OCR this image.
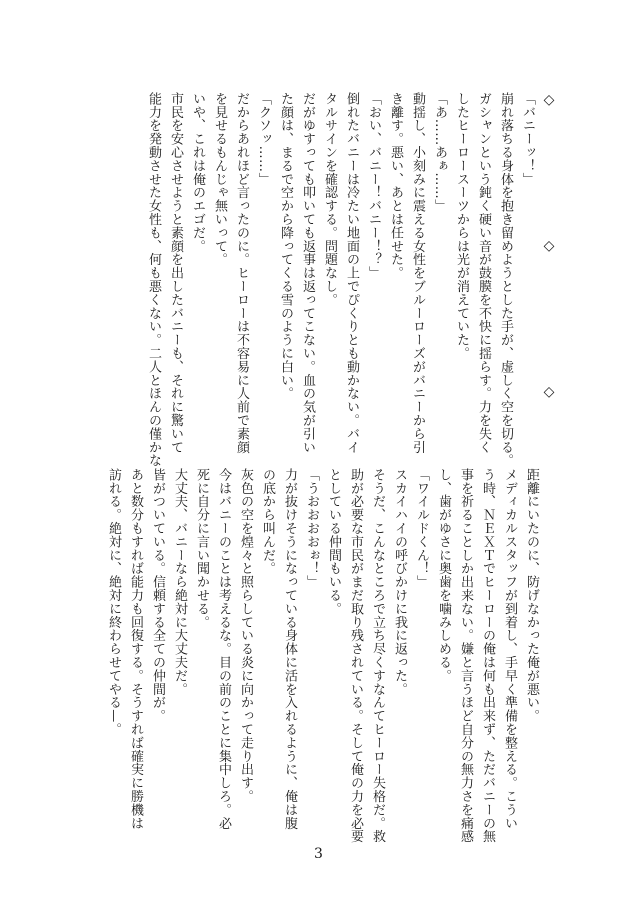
◇　◇　◇
「バニーッ！」
崩れ落ちる身体を抱き留めようとした手が、虚しく空を切る。
ガシャンという鈍く硬い音が鼓膜を不快に揺らす。力を失く
したヒーロースーツからは光が消えていた。
「あ……あぁ……」
動揺し、小刻みに震える女性をブルーローズがバニーから引
き離す。悪い、あとは任せた。
「おい、バニー！バニー！？」
倒れたバニーは冷たい地面の上でぴくりとも動かない。バイ
タルサインを確認する。問題なし。
だがゆすっても叩いても返事は返ってこない。血の気が引い
た顔は、まるで空から降ってくる雪のように白い。
「クソッ……」
だからあれほど言ったのに。ヒーローは不容易に人前で素顔
を見せるもんじゃ無いって。
いや、これは俺のエゴだ。
市民を安心させようと素顔を出したバニーも、それに驚いて
能力を発動させた女性も、何も悪くない。二人とほんの僅かな
距離にいたのに、防げなかった俺が悪い。
メディカルスタッフが到着し、手早く準備を整える。こうい
う時、ＮＥＸＴでヒーローの俺は何も出来ず、ただバニーの無
事を祈ることしか出来ない。嫌と言うほど自分の無力さを痛感
し、歯がゆさに奥歯を噛みしめる。
「ワイルドくん！」
スカイハイの呼びかけに我に返った。
そうだ、こんなところで立ち尽くすなんてヒーロー失格だ。救
助が必要な市民がまだ取り残されている。そして俺の力を必要
としている仲間もいる。
「うおおおおぉ！」
力が抜けそうになっている身体に活を入れるように、俺は腹
の底から叫んだ。
灰色の空を煌々と照らしている炎に向かって走り出す。
今はバニーのことは考えるな。目の前のことに集中しろ。必
死に自分に言い聞かせる。
大丈夫、バニーなら絶対に大丈夫だ。
皆がついている。信頼する全ての仲間が。
あと数分もすれば能力も回復する。そうすれば確実に勝機は
訪れる。絶対に、絶対に終わらせてやる—。
3
